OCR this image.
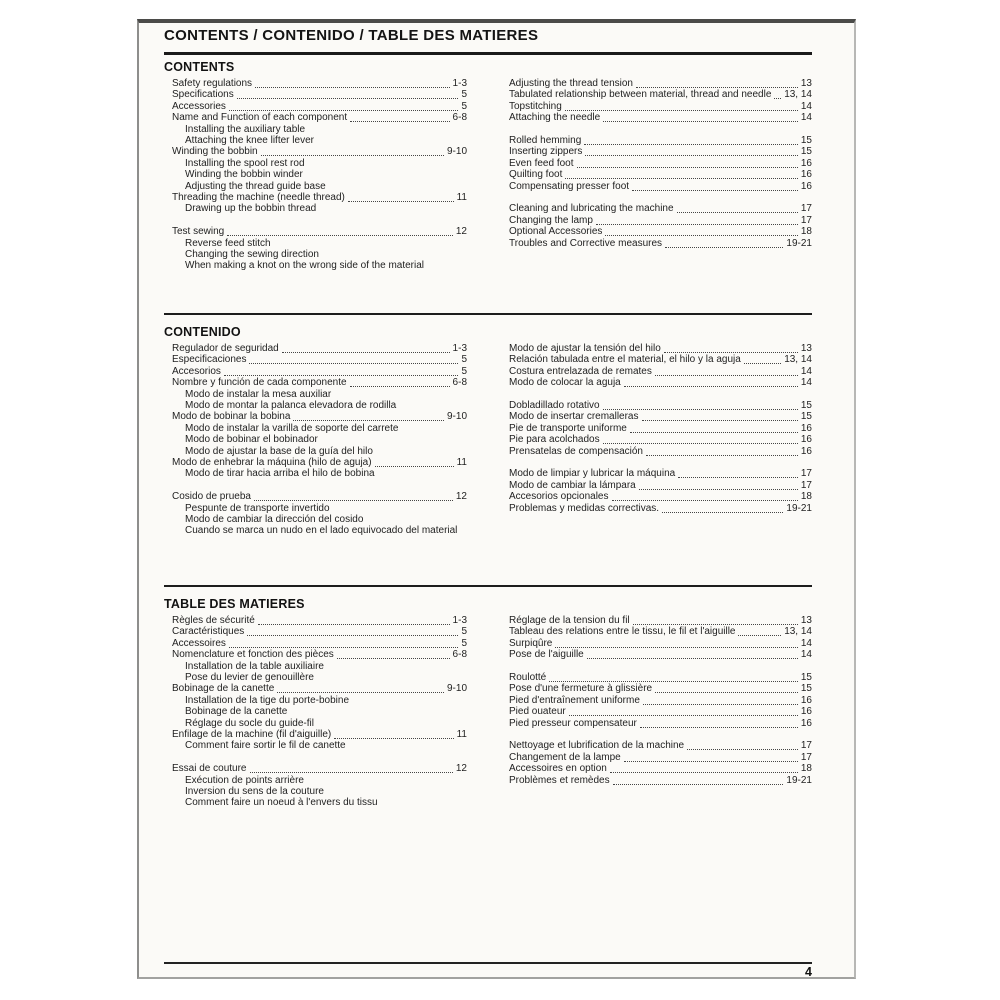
CONTENTS / CONTENIDO / TABLE DES MATIERES
CONTENTS
Safety regulations	1-3
Specifications	5
Accessories	5
Name and Function of each component	6-8
Installing the auxiliary table
Attaching the knee lifter lever
Winding the bobbin	9-10
Installing the spool rest rod
Winding the bobbin winder
Adjusting the thread guide base
Threading the machine (needle thread)	11
Drawing up the bobbin thread
Test sewing	12
Reverse feed stitch
Changing the sewing direction
When making a knot on the wrong side of the material
Adjusting the thread tension	13
Tabulated relationship between material, thread and needle 13, 14
Topstitching	14
Attaching the needle	14
Rolled hemming	15
Inserting zippers	15
Even feed foot	16
Quilting foot	16
Compensating presser foot	16
Cleaning and lubricating the machine	17
Changing the lamp	17
Optional Accessories	18
Troubles and Corrective measures	19-21
CONTENIDO
Regulador de seguridad	1-3
Especificaciones	5
Accesorios	5
Nombre y función de cada componente	6-8
Modo de instalar la mesa auxiliar
Modo de montar la palanca elevadora de rodilla
Modo de bobinar la bobina	9-10
Modo de instalar la varilla de soporte del carrete
Modo de bobinar el bobinador
Modo de ajustar la base de la guía del hilo
Modo de enhebrar la máquina (hilo de aguja)	11
Modo de tirar hacia arriba el hilo de bobina
Cosido de prueba	12
Pespunte de transporte invertido
Modo de cambiar la dirección del cosido
Cuando se marca un nudo en el lado equivocado del material
Modo de ajustar la tensión del hilo	13
Relación tabulada entre el material, el hilo y la aguja	13, 14
Costura entrelazada de remates	14
Modo de colocar la aguja	14
Dobladillado rotativo	15
Modo de insertar cremalleras	15
Pie de transporte uniforme	16
Pie para acolchados	16
Prensatelas de compensación	16
Modo de limpiar y lubricar la máquina	17
Modo de cambiar la lámpara	17
Accesorios opcionales	18
Problemas y medidas correctivas.	19-21
TABLE DES MATIERES
Règles de sécurité	1-3
Caractéristiques	5
Accessoires	5
Nomenclature et fonction des pièces	6-8
Installation de la table auxiliaire
Pose du levier de genouillère
Bobinage de la canette	9-10
Installation de la tige du porte-bobine
Bobinage de la canette
Réglage du socle du guide-fil
Enfilage de la machine (fil d'aiguille)	11
Comment faire sortir le fil de canette
Essai de couture	12
Exécution de points arrière
Inversion du sens de la couture
Comment faire un noeud à l'envers du tissu
Réglage de la tension du fil	13
Tableau des relations entre le tissu, le fil et l'aiguille	13, 14
Surpiqûre	14
Pose de l'aiguille	14
Roulotté	15
Pose d'une fermeture à glissière	15
Pied d'entraînement uniforme	16
Pied ouateur	16
Pied presseur compensateur	16
Nettoyage et lubrification de la machine	17
Changement de la lampe	17
Accessoires en option	18
Problèmes et remèdes	19-21
4
